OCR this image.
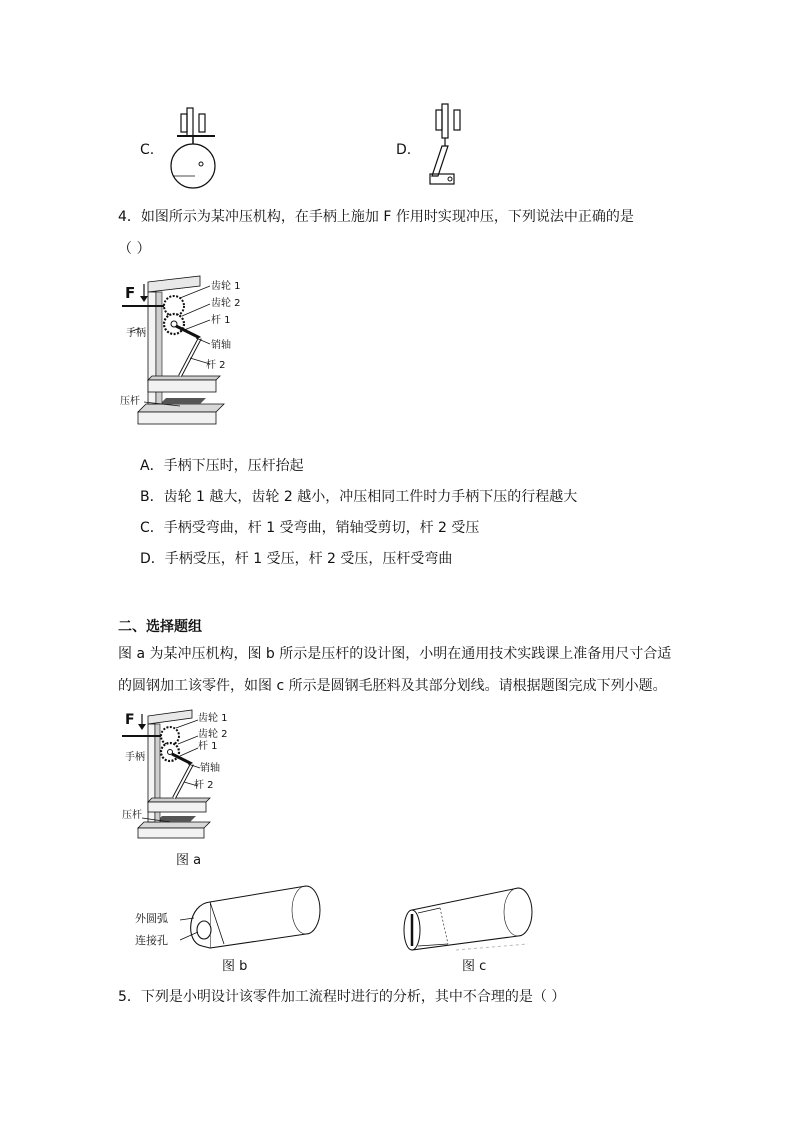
C.	D.
4．如图所示为某冲压机构，在手柄上施加 F 作用时实现冲压，下列说法中正确的是
（ ）
F	齿轮 1
齿轮 2
杆 1
销轴
杆 2
手柄
压杆
A．手柄下压时，压杆抬起
B．齿轮 1 越大，齿轮 2 越小，冲压相同工件时力手柄下压的行程越大
C．手柄受弯曲，杆 1 受弯曲，销轴受剪切，杆 2 受压
D．手柄受压，杆 1 受压，杆 2 受压，压杆受弯曲
二、选择题组
图 a 为某冲压机构，图 b 所示是压杆的设计图，小明在通用技术实践课上准备用尺寸合适
的圆钢加工该零件，如图 c 所示是圆钢毛胚料及其部分划线。请根据题图完成下列小题。
F	齿轮 1
齿轮 2
杆 1
销轴
杆 2
手柄
压杆
图 a
外圆弧
连接孔
图 b	图 c
5．下列是小明设计该零件加工流程时进行的分析，其中不合理的是（ ）
